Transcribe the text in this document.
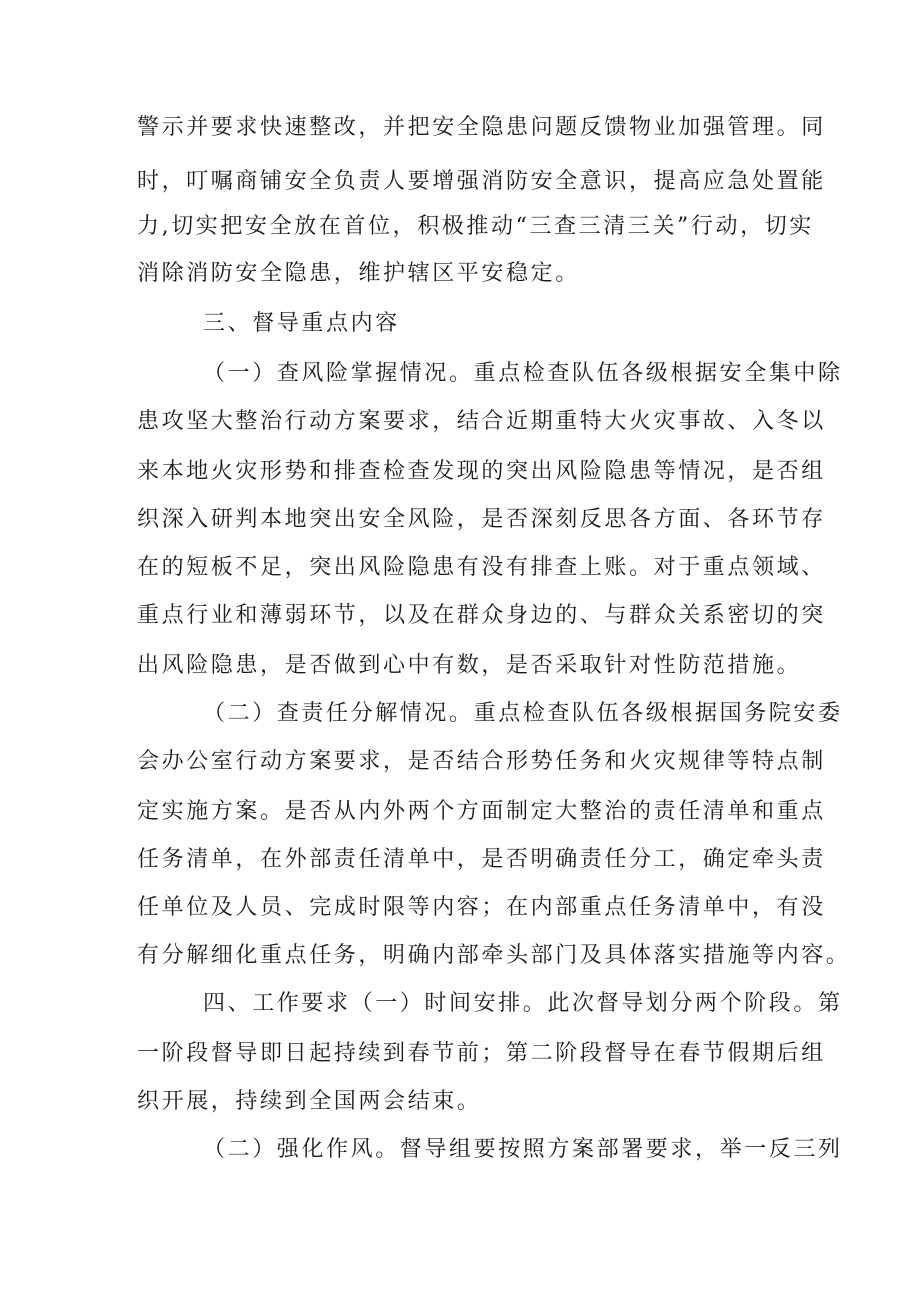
警示并要求快速整改，并把安全隐患问题反馈物业加强管理。同
时，叮嘱商铺安全负责人要增强消防安全意识，提高应急处置能
力,切实把安全放在首位，积极推动“三查三清三关”行动，切实
消除消防安全隐患，维护辖区平安稳定。
三、督导重点内容
（一）查风险掌握情况。重点检查队伍各级根据安全集中除
患攻坚大整治行动方案要求，结合近期重特大火灾事故、入冬以
来本地火灾形势和排查检查发现的突出风险隐患等情况，是否组
织深入研判本地突出安全风险，是否深刻反思各方面、各环节存
在的短板不足，突出风险隐患有没有排查上账。对于重点领域、
重点行业和薄弱环节，以及在群众身边的、与群众关系密切的突
出风险隐患，是否做到心中有数，是否采取针对性防范措施。
（二）查责任分解情况。重点检查队伍各级根据国务院安委
会办公室行动方案要求，是否结合形势任务和火灾规律等特点制
定实施方案。是否从内外两个方面制定大整治的责任清单和重点
任务清单，在外部责任清单中，是否明确责任分工，确定牵头责
任单位及人员、完成时限等内容；在内部重点任务清单中，有没
有分解细化重点任务，明确内部牵头部门及具体落实措施等内容。
四、工作要求（一）时间安排。此次督导划分两个阶段。第
一阶段督导即日起持续到春节前；第二阶段督导在春节假期后组
织开展，持续到全国两会结束。
（二）强化作风。督导组要按照方案部署要求，举一反三列
